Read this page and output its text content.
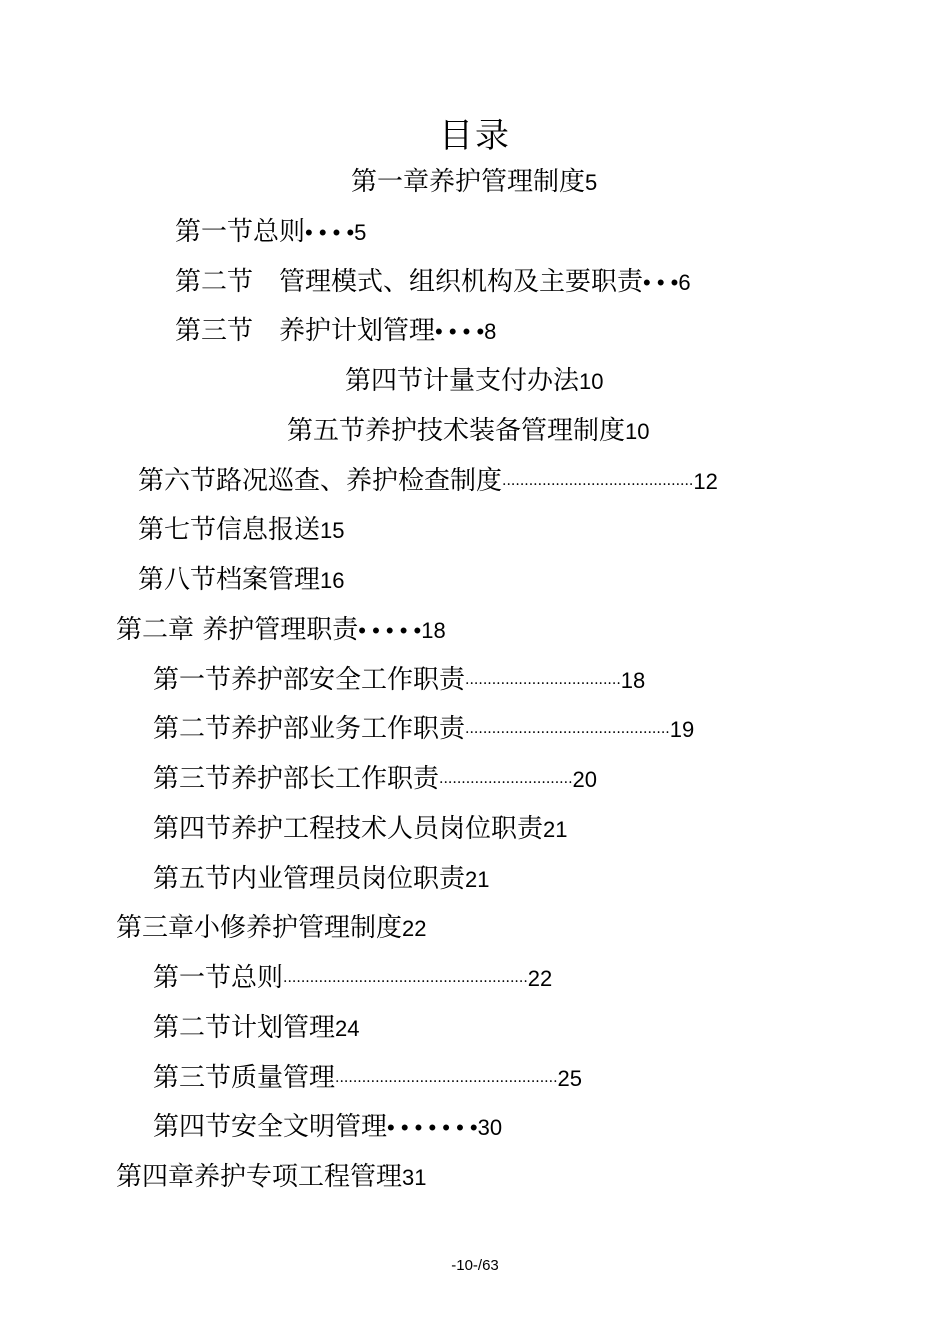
目录
第一章养护管理制度5
第一节总则• • • •5
第二节　管理模式、组织机构及主要职责• • •6
第三节　养护计划管理• • • •8
第四节计量支付办法10
第五节养护技术装备管理制度10
第六节路况巡查、养护检查制度...........................................12
第七节信息报送15
第八节档案管理16
第二章 养护管理职责• • • • •18
第一节养护部安全工作职责...................................18
第二节养护部业务工作职责..............................................19
第三节养护部长工作职责..............................20
第四节养护工程技术人员岗位职责21
第五节内业管理员岗位职责21
第三章小修养护管理制度22
第一节总则.......................................................22
第二节计划管理24
第三节质量管理..................................................25
第四节安全文明管理• • • • • • •30
第四章养护专项工程管理31
-10-/63
